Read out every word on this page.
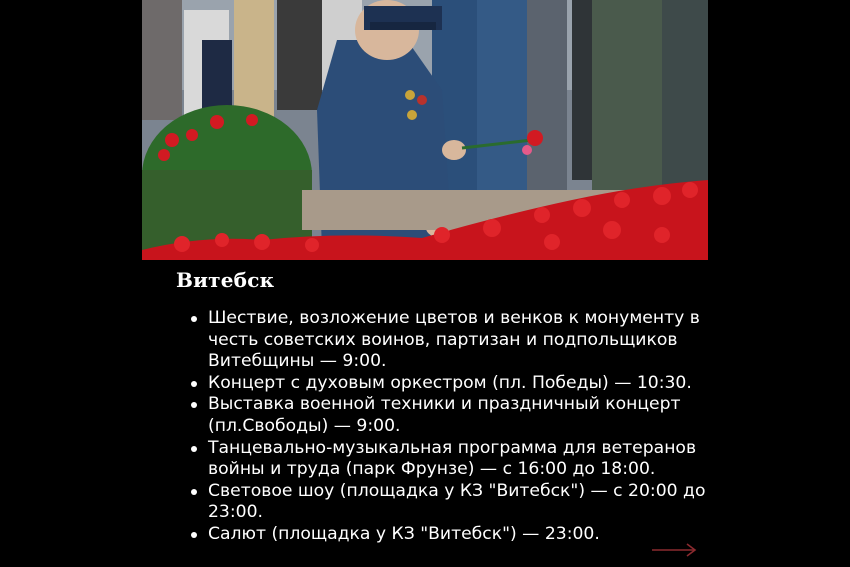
Витебск
Шествие, возложение цветов и венков к монументу в честь советских воинов, партизан и подпольщиков Витебщины — 9:00.
Концерт с духовым оркестром (пл. Победы) — 10:30.
Выставка военной техники и праздничный концерт (пл.Свободы) — 9:00.
Танцевально-музыкальная программа для ветеранов войны и труда (парк Фрунзе) — с 16:00 до 18:00.
Световое шоу (площадка у КЗ "Витебск") — с 20:00 до 23:00.
Салют (площадка у КЗ "Витебск") — 23:00.
